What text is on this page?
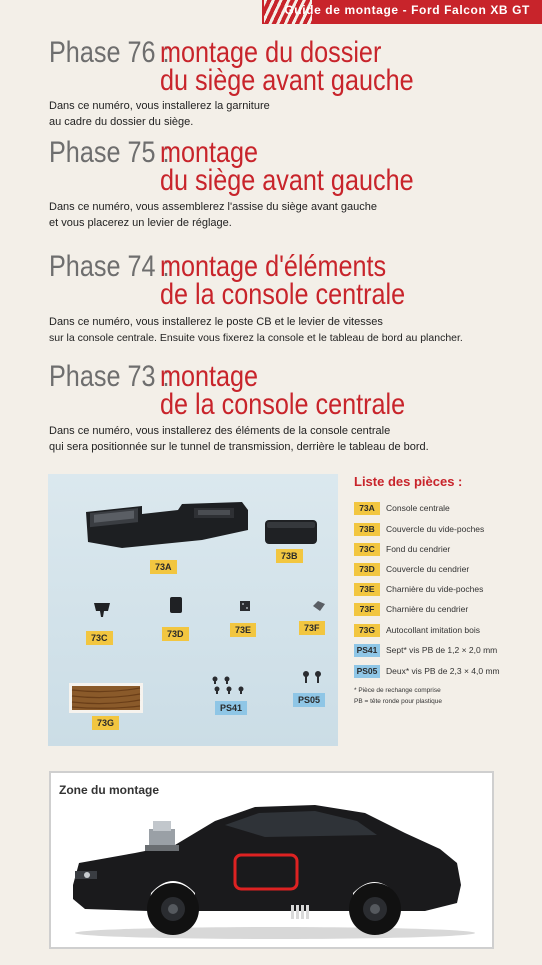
Guide de montage - Ford Falcon XB GT
Phase 76 :
montage du dossier
du siège avant gauche
Dans ce numéro, vous installerez la garniture
au cadre du dossier du siège.
Phase 75 :
montage
du siège avant gauche
Dans ce numéro, vous assemblerez l'assise du siège avant gauche
et vous placerez un levier de réglage.
Phase 74 :
montage d'éléments
de la console centrale
Dans ce numéro, vous installerez le poste CB et le levier de vitesses
sur la console centrale. Ensuite vous fixerez la console et le tableau de bord au plancher.
Phase 73 :
montage
de la console centrale
Dans ce numéro, vous installerez des éléments de la console centrale
qui sera positionnée sur le tunnel de transmission, derrière le tableau de bord.
73A
73B
73C	73D	73E	73F
73G
PS41
PS05
Liste des pièces :
73A	Console centrale
73B	Couvercle du vide-poches
73C	Fond du cendrier
73D	Couvercle du cendrier
73E	Charnière du vide-poches
73F	Charnière du cendrier
73G	Autocollant imitation bois
PS41	Sept* vis PB de 1,2 × 2,0 mm
PS05	Deux* vis PB de 2,3 × 4,0 mm
* Pièce de rechange comprise
PB = tête ronde pour plastique
Zone du montage
